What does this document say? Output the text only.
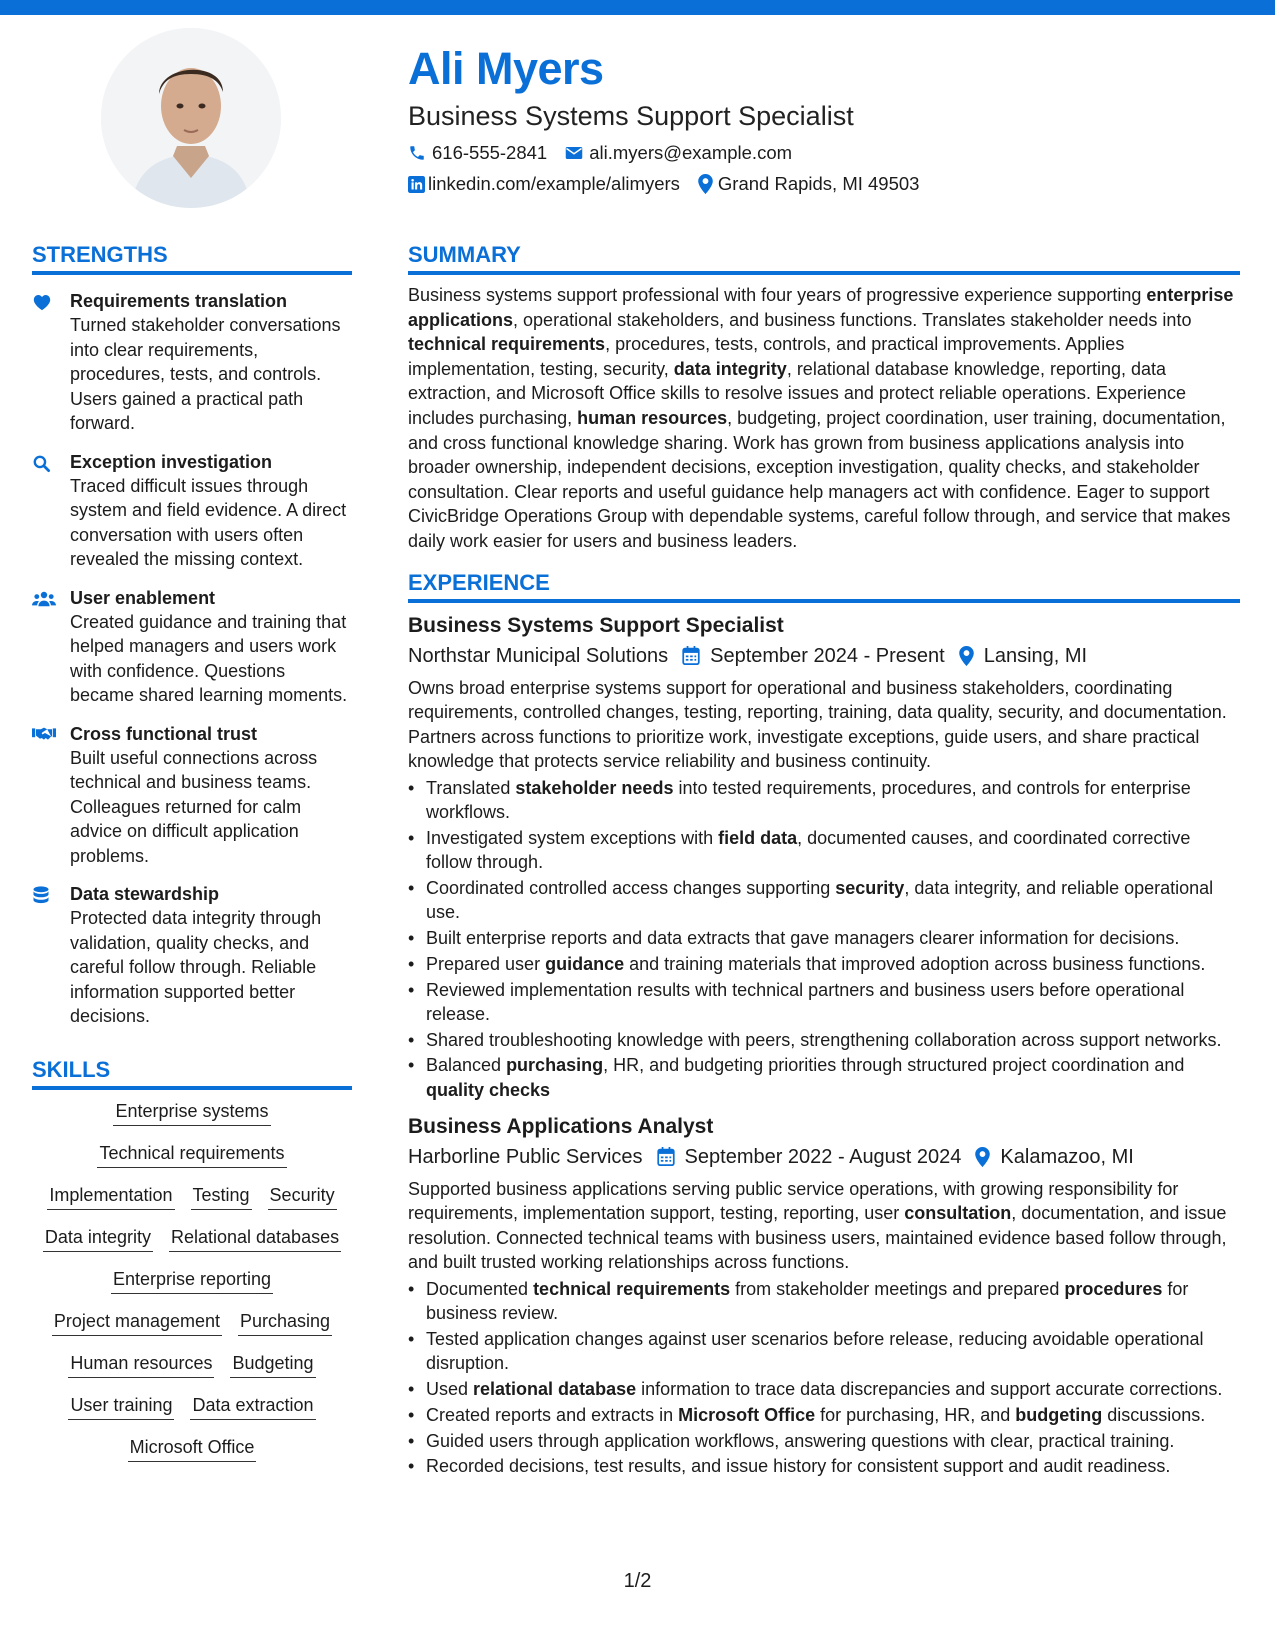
Ali Myers
Business Systems Support Specialist
616-555-2841 ali.myers@example.com
linkedin.com/example/alimyers Grand Rapids, MI 49503
STRENGTHS
Requirements translation
Turned stakeholder conversations into clear requirements, procedures, tests, and controls. Users gained a practical path forward.
Exception investigation
Traced difficult issues through system and field evidence. A direct conversation with users often revealed the missing context.
User enablement
Created guidance and training that helped managers and users work with confidence. Questions became shared learning moments.
Cross functional trust
Built useful connections across technical and business teams. Colleagues returned for calm advice on difficult application problems.
Data stewardship
Protected data integrity through validation, quality checks, and careful follow through. Reliable information supported better decisions.
SKILLS
Enterprise systems
Technical requirements
Implementation Testing Security
Data integrity Relational databases
Enterprise reporting
Project management Purchasing
Human resources Budgeting
User training Data extraction
Microsoft Office
SUMMARY
Business systems support professional with four years of progressive experience supporting enterprise applications, operational stakeholders, and business functions. Translates stakeholder needs into technical requirements, procedures, tests, controls, and practical improvements. Applies implementation, testing, security, data integrity, relational database knowledge, reporting, data extraction, and Microsoft Office skills to resolve issues and protect reliable operations. Experience includes purchasing, human resources, budgeting, project coordination, user training, documentation, and cross functional knowledge sharing. Work has grown from business applications analysis into broader ownership, independent decisions, exception investigation, quality checks, and stakeholder consultation. Clear reports and useful guidance help managers act with confidence. Eager to support CivicBridge Operations Group with dependable systems, careful follow through, and service that makes daily work easier for users and business leaders.
EXPERIENCE
Business Systems Support Specialist
Northstar Municipal Solutions September 2024 - Present Lansing, MI
Owns broad enterprise systems support for operational and business stakeholders, coordinating requirements, controlled changes, testing, reporting, training, data quality, security, and documentation. Partners across functions to prioritize work, investigate exceptions, guide users, and share practical knowledge that protects service reliability and business continuity.
• Translated stakeholder needs into tested requirements, procedures, and controls for enterprise workflows.
• Investigated system exceptions with field data, documented causes, and coordinated corrective follow through.
• Coordinated controlled access changes supporting security, data integrity, and reliable operational use.
• Built enterprise reports and data extracts that gave managers clearer information for decisions.
• Prepared user guidance and training materials that improved adoption across business functions.
• Reviewed implementation results with technical partners and business users before operational release.
• Shared troubleshooting knowledge with peers, strengthening collaboration across support networks.
• Balanced purchasing, HR, and budgeting priorities through structured project coordination and quality checks
Business Applications Analyst
Harborline Public Services September 2022 - August 2024 Kalamazoo, MI
Supported business applications serving public service operations, with growing responsibility for requirements, implementation support, testing, reporting, user consultation, documentation, and issue resolution. Connected technical teams with business users, maintained evidence based follow through, and built trusted working relationships across functions.
• Documented technical requirements from stakeholder meetings and prepared procedures for business review.
• Tested application changes against user scenarios before release, reducing avoidable operational disruption.
• Used relational database information to trace data discrepancies and support accurate corrections.
• Created reports and extracts in Microsoft Office for purchasing, HR, and budgeting discussions.
• Guided users through application workflows, answering questions with clear, practical training.
• Recorded decisions, test results, and issue history for consistent support and audit readiness.
1/2
